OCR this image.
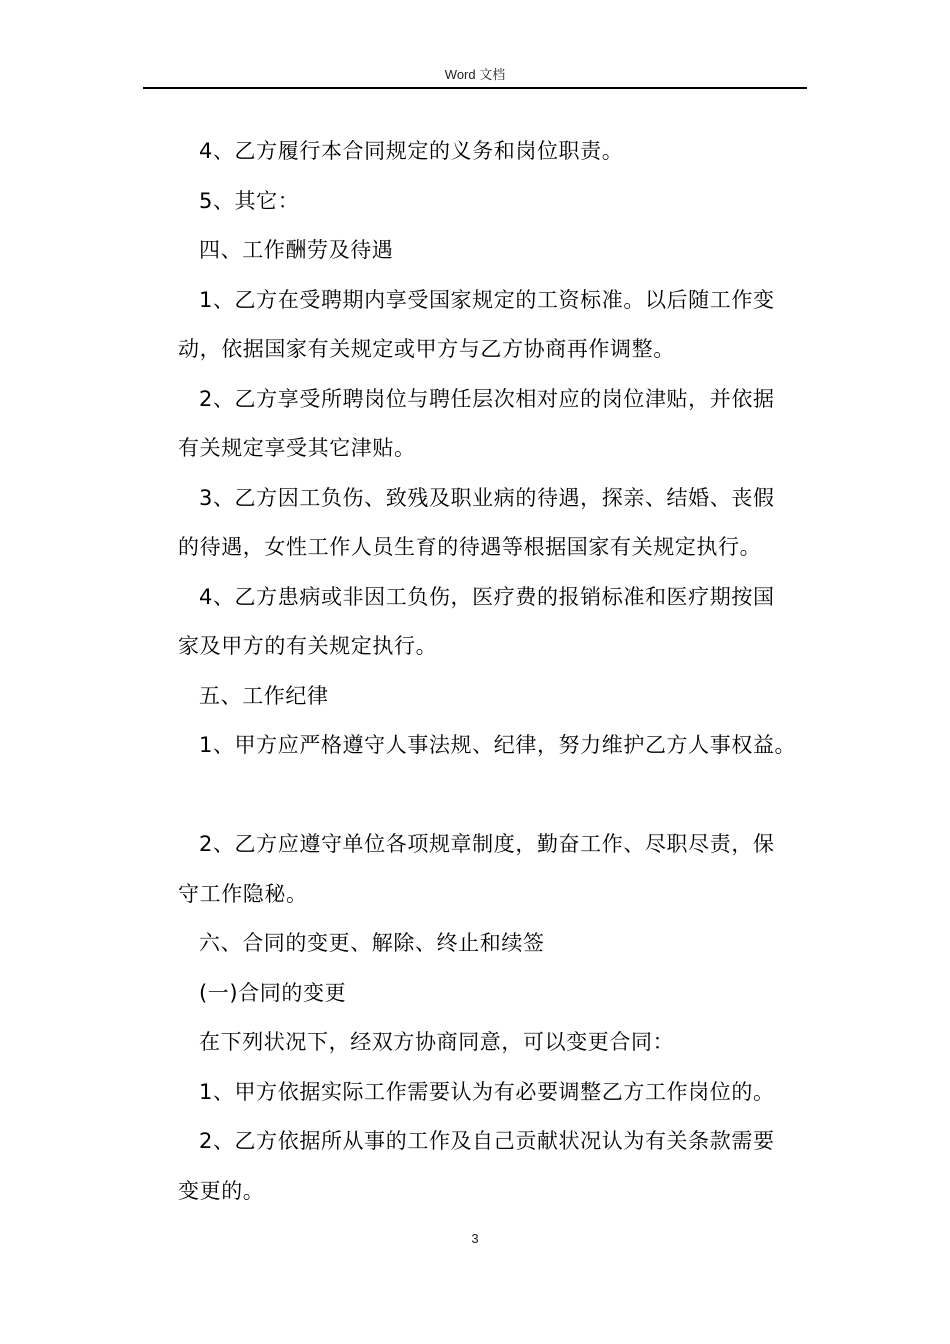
Word 文档

4、乙方履行本合同规定的义务和岗位职责。

5、其它：

四、工作酬劳及待遇

1、乙方在受聘期内享受国家规定的工资标准。以后随工作变

动，依据国家有关规定或甲方与乙方协商再作调整。

2、乙方享受所聘岗位与聘任层次相对应的岗位津贴，并依据

有关规定享受其它津贴。

3、乙方因工负伤、致残及职业病的待遇，探亲、结婚、丧假

的待遇，女性工作人员生育的待遇等根据国家有关规定执行。

4、乙方患病或非因工负伤，医疗费的报销标准和医疗期按国

家及甲方的有关规定执行。

五、工作纪律

1、甲方应严格遵守人事法规、纪律，努力维护乙方人事权益。

2、乙方应遵守单位各项规章制度，勤奋工作、尽职尽责，保

守工作隐秘。

六、合同的变更、解除、终止和续签

(一)合同的变更

在下列状况下，经双方协商同意，可以变更合同：

1、甲方依据实际工作需要认为有必要调整乙方工作岗位的。

2、乙方依据所从事的工作及自己贡献状况认为有关条款需要

变更的。

3
